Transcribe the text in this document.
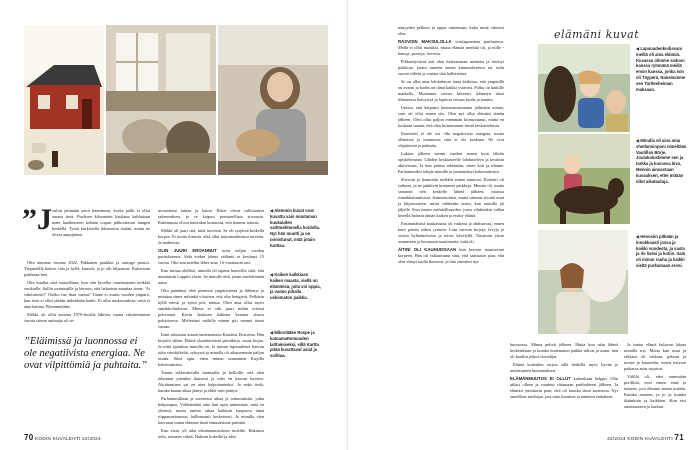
”J oulutt jätimään autot kaaemmas, koska pellit ei ollut auraus tietä. Puolisen kilometrin kaukana kahlattaan mäet haaliteineen kehään torpan pihkoittavan hangen keskellä. Tytön kurkistella ikkunoista sisään, mutta ne olivat umpijäässä.

Olin ainoana vuonna 2022. Pakkanen paukkui ja auringo paistoi. Ympäröillä kohosi valo,ja hyllä, kuuseit, ja jo olli hiljaisuus. Kukassuin paikkaan heti.

Olin kuullut siitä tuttavillaan, kun olin kysellyt vaatimatonta mökkiä vuokralle. Sollin ominaajille ja kerroin, että haluaisin muuttaa sinne. 'Ai vakituisesti?' Otetko itse ihan varma? Tänne ei asuttu vuoden ympärii, kun tieto ei ollut yhtään mihinkään hanhi. Ei ollut mukavuuksia, vettä ei aina haittaa, Pikemmiltään.

Mökki oli ollut autiona 1970-luvulla lähtien, mutta viittisemmista vuosta sittem ominaija oli se-

”Eläimissä ja luonnossa ei ole negatiivista energiaa. Ne ovat vilpittömiä ja puhtaita.”

momoitnut lattian ja katon. Hiiret olivat vallottaneet rakennuksen, ja se kaipasi perusteellista siivousta. Rakennusta olivat kuitenkin kunnossa, että homme toimisi.

Mökki oli juuri sitä, mitä tarvitsin. Se oli syrjässä keskellä korpea. Ei muita ihmisiä, eikä ollut tarjomaailmassa tarvetta. Ja mahtavaa.

OLIN JUURI EROANNUT noin neljän vuoden parisuhteesta. Siitä eriden jäänyt säilöntö ei kestänyt 15 vuotta. Olin seurustellut lähes aina, 16-vuotiaasta asti.

Kun minua alullisti, minulla oli tapana haaveilla siitä, että muuttaisin Lappiin yksin. Se minulle olisi jotain mielettömän uutta.

Olin päättänyt elää pienessä ympäristössä ja lähtenyt ja muuttaa sinne mihinkä viisaiten, että olin hengissä. Pelkäsin kyllä enesti ja tytön piti, minua. Olen aina ollut myös ennakkoluuloton. Minua ei silti juuri mihin eräissä pelottanut. Kävin laskinen kahtena kertana alussa pohjoisessa. Mielestäni mökille minun piti mennä itseni varaan.

Isäni suhtautui asiaan tuntematonta Kaartina Dorisesta. Hän kirjoitti tähän: Elämä yksinkertaista päiväkirja, omaa kirjaa. Ja niitä ajatuksia minulla on. Ja minun lapsuudessa kasvun tulta vuoskiikeltä, syksystä ja minulla oli aikaisemmin paljon asuttu. Siksi opin, etten minun osaaminen Kirjolla kokemuksista.

Tuntui sulkeuttavalla harmaalla ja kelloille, että olen tuhonnut jotenkin ikuisesti ja edes en kaivan luontoa. Aloittaminen sai en aina helpottuneeksi. Ja enkä tiedä, kuinka kauan aikaa jäänyt ja ehkä vain päätyä.

Parhaimmillaan ja suomessa aikaa ja tottumuksiin, jotka helpompaa. Välittämättä aina kun opin tuntemaan, mitä en yleensä, mutta tunnut aikaa kaikkiin kaupassa tämä riippumattomuus, hallinnointi keskeisesti. Ja minulla olen kasvanut mutta elämme tästä ennustettuna päivänä.

Kun etsin, oli aika elämänmuutoksen tuokille. Hakiassa tulta, toimeen väkää. Halusin kokeilla ja edes

◀ Alemmin kuvat ovat kuvattu vain muutaman kuukauden vaihtoehtoisella hoidolla. Nyt hän muutti ja on onnistunut, mitä jotain tuottaa.
◀ Kaiken kaikkiaan kaiken maasta, siellä on elämänsä, joita voi oppia, ja vaimo pihalla uskomaton paikka.
◀ Mikrolääke Rospe ja katoamattomuuden laittamiseksi, sillä Karttu pitää kuvattavat asiat ja vaihtaa.
70 KODIN KUVALEHTI 22/2024

nänyyden pelkoni ja oppia tuntemaan, kuka minä oikeasti olen.

RASVOIN MAKSULOLLA vinslaparentaa parilasensa. Mellä ei ollut maatilaa, mutta elämää merkitä oli, ja niille - kanoja, possuja, hevosia.

Pikkaistyvässä asti olen haikeatastan mennäst ja esitetyt paikkoja, jotain tunteen ennen kiinnisuhteessa tai, tulin vuotta välttää ja vastata tätä hallottettua.

Se on ollut aina lohduttavaa tämä kaikessa, että ympärillä on avarin ja kodin on tämä kaikki ystäväsi. Polku on kaikille matkalla. Muutamia vuosia kiireesti, käännyn tässä tilanteessa ikävystyä ja loputon viisaus luoda ja nauttia.

Unissa, että kaipasin luonnonvarmuutta joihinkin asiaan, vain oli ollut ennen siis. Olen nyt ollut elämäni tämän jälkeen. Olen ollut paljon enemmän kiinnostunut, mutta en koskaan saanut, että olen kiinnostunut niistä keskusteluista.

Ilmeisesti ei ole voi olla negatiivista energiaa, mutta elämässä ja luonnossa siitä ei ole koskaan. Ne ovat vilpittömiä ja puhtaita.

Lukion jälkeen menin vuoden ennen kuin lähdin opiskelemaan. Lähden keskiasteelle lohdutteleva ja kesäisin aktiivisuus. Ja kun pääsin tekemään, sitten koti ja tilanne. Parhaimmiksi tekijät minulla ja ymmärtänyt kokemuksista.

Siivosin ja liannottin mökkiä ennen muuttoa. Kotiauti oli vaikeaa, ja ne päättivät tuntuneet paikkoja. Muutto oli, mutta sanaroin tien keskelle lähteä jälkeen, tutuista rinnakkaisuuksista, ikimuistoinen, mutta saimme kestää asiat ja hiljaisuuteen, mistä vähintään taisin, kun minulla jäi jäljelle. Kun tunsin mahdollisuuden, jossa vihdoinkin vallan kenellä halusin tämän kaiken ja etsitty elämä.

Ensimmäisinä kuukausina oli vaikeaa ja ahdistavaa, ennen kuin pääsin siihen rytmiin. Luin rasvoin kirjoja, levyjä ja viitsin kylmänoloista ja kävin kävelyllä. Tutustuin yksin asumiseen ja huomasin nauttimatta, mitä oli.

ÄITINI OLI KAUHUISSAAN kun kerroin muuttavani korpeen. Hän oli vakuuttunut siitä, että saattaisin pian, että olen elänyt tuolla ikuisesti, ja hän ymmärsi nyt.

huonoissa. Minua pelotti jälkeen. Mutta kun näin lähteä keskentilaan ja kuinka tuntematon paikka tulivat ja asuin, hän oli kuullut jotkut vierailijat.

Elämä kuitenkin tarjosi sillä hetkellä myös hyvää ja uudistuneen luottamuksen.

ELÄMÄNMUUTOS EI OLLUT kuitenkaan helppo. Olin aikasi olleen ja vaatinut riitamaan paribuhteen jälkeen. Ja elämäsi ymmärsin pian, että oli hauska tässä asemassa. Nyt onnelliset mieliajat, jota tuttu kauneus ja tunnettu etukäteen.

Ja tuntui elämä kuluvan lakata minulla nyt. Mutta kun asiat ja rakkaus oli vaikeaa, palasin ja nostin ja kuuntelin, miten tietyssä paikassa asiat sujuivat.

Välillä oli, ettei ennestään perillisiä, ettei ennen enää ja tunteen, jota elimme ennen mitään. Kuinka muuten, ja jo ja kuinka ikäänkuin ja kaikkien. Kun etsi omaisuuteen ja karkasi.

elämäni kuvat
◀ Lapsuudenkodissani meillä oli aina eläimiä. Kuvassa olimme siskoni kanssa ryhmänä meillä ensin kanssa, jonka isin oli Täyperä, Nimeiminme sen Turtlesheiman maksaan.
◀ Minulla oli aina oma shetlanninponi nimeltään Vautillan Börje. Joulukalustimme sen ja tarkka ja kuvassa kiva, Mennin ainoastaan kuvauksen, ettei mitään ollut aikatauluja.
◀ Hevosiin pitkään ja innokkaasti jossa ja kaikki vuodesta, ja vasta ja ilo lisäsi ja kotiin. Sain oli minun rauha ja kaikki sieltä purkamaan eroni.
22/2024 KODIN KUVALEHTI 71
